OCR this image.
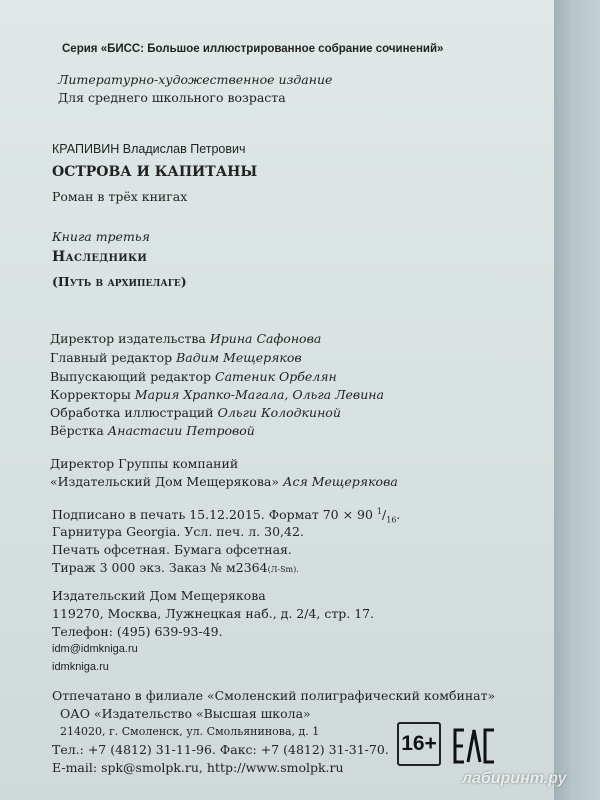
Серия «БИСС: Большое иллюстрированное собрание сочинений»
Литературно-художественное издание
Для среднего школьного возраста
КРАПИВИН Владислав Петрович
ОСТРОВА И КАПИТАНЫ
Роман в трёх книгах
Книга третья
Наследники
(Путь в архипелаге)
Директор издательства Ирина Сафонова
Главный редактор Вадим Мещеряков
Выпускающий редактор Сатеник Орбелян
Корректоры Мария Храпко-Магала, Ольга Левина
Обработка иллюстраций Ольги Колодкиной
Вёрстка Анастасии Петровой
Директор Группы компаний
«Издательский Дом Мещерякова» Ася Мещерякова
Подписано в печать 15.12.2015. Формат 70 × 90 $^1/_{16}$.
Гарнитура Georgia. Усл. печ. л. 30,42.
Печать офсетная. Бумага офсетная.
Тираж 3 000 экз. Заказ № м2364(Л-Sm).
Издательский Дом Мещерякова
119270, Москва, Лужнецкая наб., д. 2/4, стр. 17.
Телефон: (495) 639-93-49.
idm@idmkniga.ru
idmkniga.ru
Отпечатано в филиале «Смоленский полиграфический комбинат»
ОАО «Издательство «Высшая школа»
214020, г. Смоленск, ул. Смольянинова, д. 1
Тел.: +7 (4812) 31-11-96. Факс: +7 (4812) 31-31-70.
E-mail: spk@smolpk.ru, http://www.smolpk.ru
16+
лабиринт.ру
